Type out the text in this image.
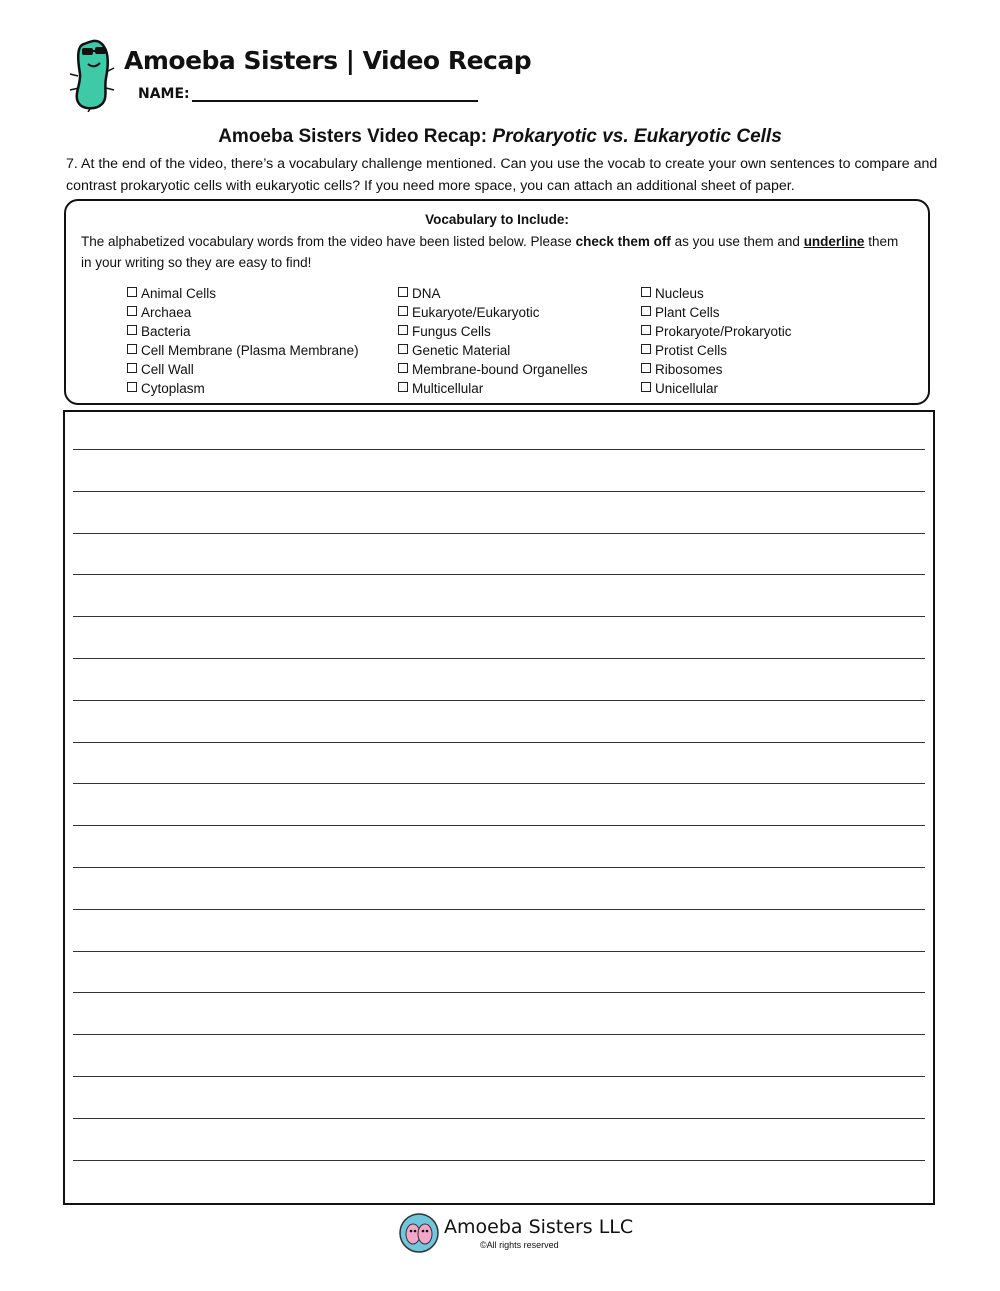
Amoeba Sisters | Video Recap
NAME:
Amoeba Sisters Video Recap: Prokaryotic vs. Eukaryotic Cells
7. At the end of the video, there’s a vocabulary challenge mentioned. Can you use the vocab to create your own sentences to compare and contrast prokaryotic cells with eukaryotic cells? If you need more space, you can attach an additional sheet of paper.
Vocabulary to Include:
The alphabetized vocabulary words from the video have been listed below. Please check them off as you use them and underline them in your writing so they are easy to find!
Animal Cells
Archaea
Bacteria
Cell Membrane (Plasma Membrane)
Cell Wall
Cytoplasm
DNA
Eukaryote/Eukaryotic
Fungus Cells
Genetic Material
Membrane-bound Organelles
Multicellular
Nucleus
Plant Cells
Prokaryote/Prokaryotic
Protist Cells
Ribosomes
Unicellular
Amoeba Sisters LLC
©All rights reserved
